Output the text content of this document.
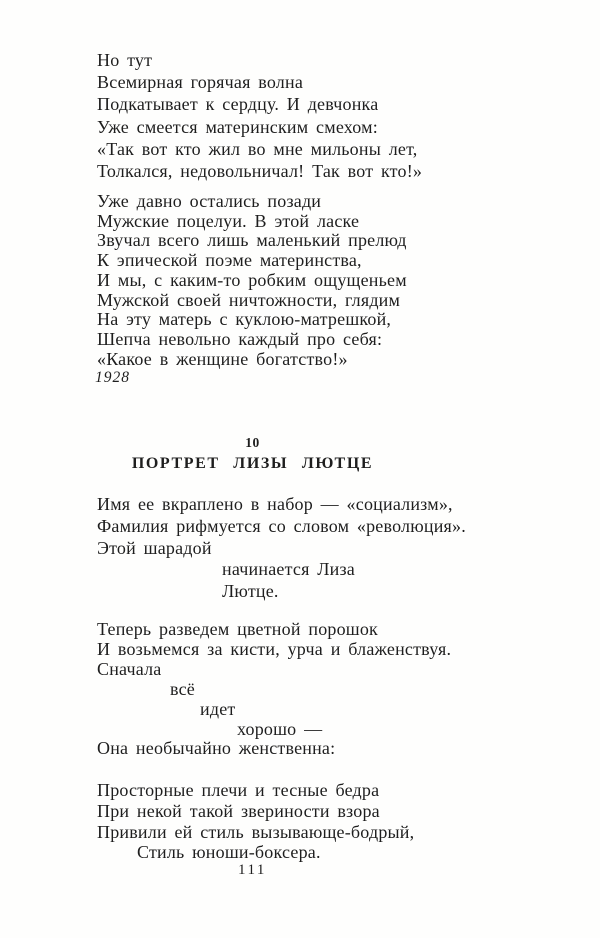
Но тут
Всемирная горячая волна
Подкатывает к сердцу. И девчонка
Уже смеется материнским смехом:
«Так вот кто жил во мне мильоны лет,
Толкался, недовольничал! Так вот кто!»
Уже давно остались позади
Мужские поцелуи. В этой ласке
Звучал всего лишь маленький прелюд
К эпической поэме материнства,
И мы, с каким-то робким ощущеньем
Мужской своей ничтожности, глядим
На эту матерь с куклою-матрешкой,
Шепча невольно каждый про себя:
«Какое в женщине богатство!»
1928
10
ПОРТРЕТ ЛИЗЫ ЛЮТЦЕ
Имя ее вкраплено в набор — «социализм»,
Фамилия рифмуется со словом «революция».
Этой шарадой
начинается Лиза
Лютце.
Теперь разведем цветной порошок
И возьмемся за кисти, урча и блаженствуя.
Сначала
всё
идет
хорошо —
Она необычайно женственна:
Просторные плечи и тесные бедра
При некой такой звериности взора
Привили ей стиль вызывающе-бодрый,
Стиль юноши-боксера.
111
